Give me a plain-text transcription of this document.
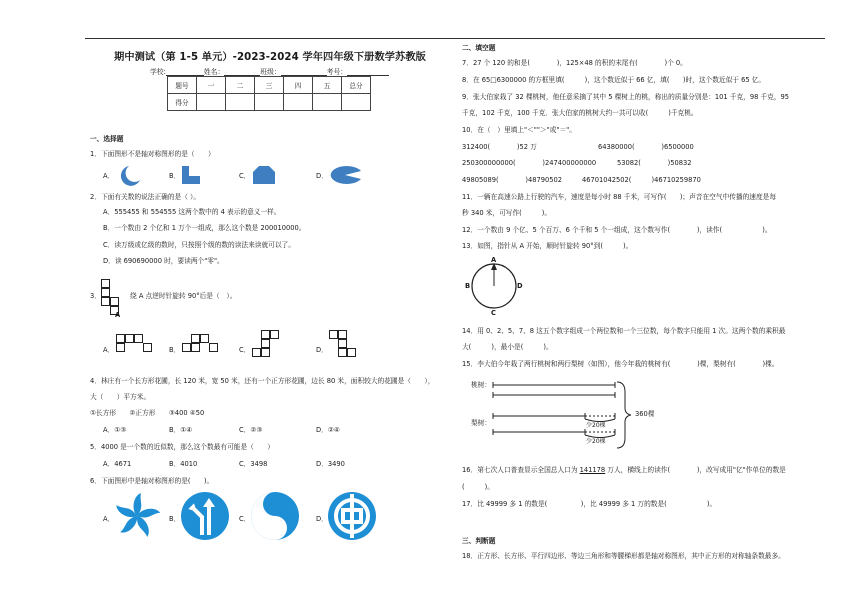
期中测试（第 1-5 单元）-2023-2024 学年四年级下册数学苏教版
学校:	姓名：	班级：	考号：
题号	一	二	三	四	五	总分
得分						
一、选择题
1．下面图形不是轴对称图形的是（　　）
A．	B．	C．	D．
2．下面有关数的说法正确的是（ ）。
A．555455 和 554555 这两个数中的 4 表示的意义一样。
B．一个数由 2 个亿和 1 万个一组成，那么这个数是 200010000。
C．读万级或亿级的数时，只按照个级的数的读法来读就可以了。
D．读 690690000 时，要读两个"零"。
3．
A
绕 A 点逆时针旋转 90°后是（　）。
A．	B．	C．	D．
4．林庄有一个长方形花圃，长 120 米，宽 50 米，还有一个正方形花圃，边长 80 米，面积较大的花圃是（　　），
大（　　）平方米。
①长方形　　②正方形　　③400 ④50
A．①③	B．①④	C．②③	D．②④
5．4000 是一个数的近似数，那么这个数最有可能是（　　）
A．4671	B．4010	C．3498	D．3490
6．下面图形中是轴对称图形的是(　　)。
A．	B．	C．	D．
二、填空题
7．27 个 120 的和是(　　　　)，125×48 的积的末尾有(　　　　)个 0。
8．在 65□6300000 的方框里填(　　　)，这个数近似于 66 亿，填(　　)时，这个数近似于 65 亿。
9．张大伯家栽了 32 棵桃树，他任意采摘了其中 5 棵树上的桃，称出的质量分别是：101 千克，98 千克，95
千克，102 千克，100 千克．张大伯家的桃树大约一共可以收(　　　)千克桃。
10．在（　）里填上"＜""＞"或"＝"。
312400(　　　　)52 万	64380000(　　　　)6500000
250300000000(　　　　)247400000000	53082(　　　　)50832
49805089(　　　　)48790502	46701042502(　　　)46710259870
11．一辆在高速公路上行驶的汽车，速度是每小时 88 千米，可写作(　　)；声音在空气中传播的速度是每
秒 340 米，可写作(　　　)。
12．一个数由 9 个亿、5 个百万、6 个千和 5 个一组成，这个数写作(　　　　)，读作(　　　　　　)。
13．如图，指针从 A 开始，顺时针旋转 90°到(　　　)。
A
B	D
C
14．用 0、2、5、7、8 这五个数字组成一个两位数和一个三位数，每个数字只能用 1 次。这两个数的乘积最
大(　　　)，最小是(　　　)。
15．李大伯今年栽了两行桃树和两行梨树（如图），他今年栽的桃树有(　　　　)棵，梨树有(　　　　)棵。
桃树：
梨树：
360棵
少20棵
少20棵
16．第七次人口普查显示全国总人口为 141178 万人，横线上的读作(　　　　)，改写成用"亿"作单位的数是
(　　　)。
17．比 49999 多 1 的数是(　　　　　)，比 49999 多 1 万的数是(　　　　　　)。
三、判断题
18．正方形、长方形、平行四边形、等边三角形和等腰梯形都是轴对称图形，其中正方形的对称轴条数最多。
